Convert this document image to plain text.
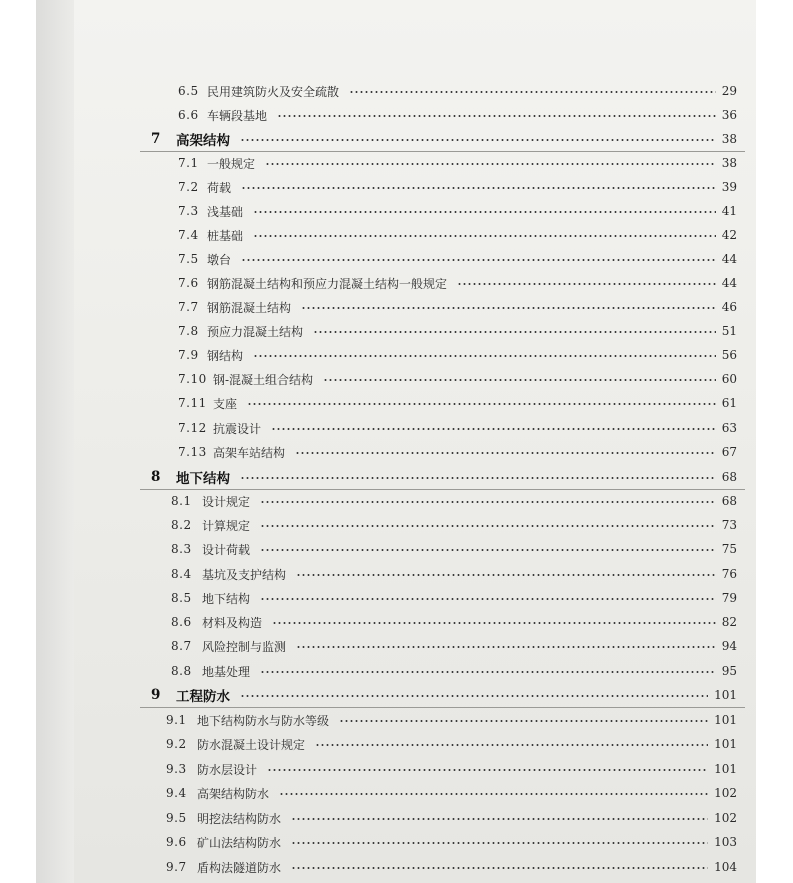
6.5 民用建筑防火及安全疏散	29
6.6 车辆段基地	36
7 高架结构	38
7.1 一般规定	38
7.2 荷载	39
7.3 浅基础	41
7.4 桩基础	42
7.5 墩台	44
7.6 钢筋混凝土结构和预应力混凝土结构一般规定	44
7.7 钢筋混凝土结构	46
7.8 预应力混凝土结构	51
7.9 钢结构	56
7.10 钢-混凝土组合结构	60
7.11 支座	61
7.12 抗震设计	63
7.13 高架车站结构	67
8 地下结构	68
8.1 设计规定	68
8.2 计算规定	73
8.3 设计荷载	75
8.4 基坑及支护结构	76
8.5 地下结构	79
8.6 材料及构造	82
8.7 风险控制与监测	94
8.8 地基处理	95
9 工程防水	101
9.1 地下结构防水与防水等级	101
9.2 防水混凝土设计规定	101
9.3 防水层设计	101
9.4 高架结构防水	102
9.5 明挖法结构防水	102
9.6 矿山法结构防水	103
9.7 盾构法隧道防水	104
